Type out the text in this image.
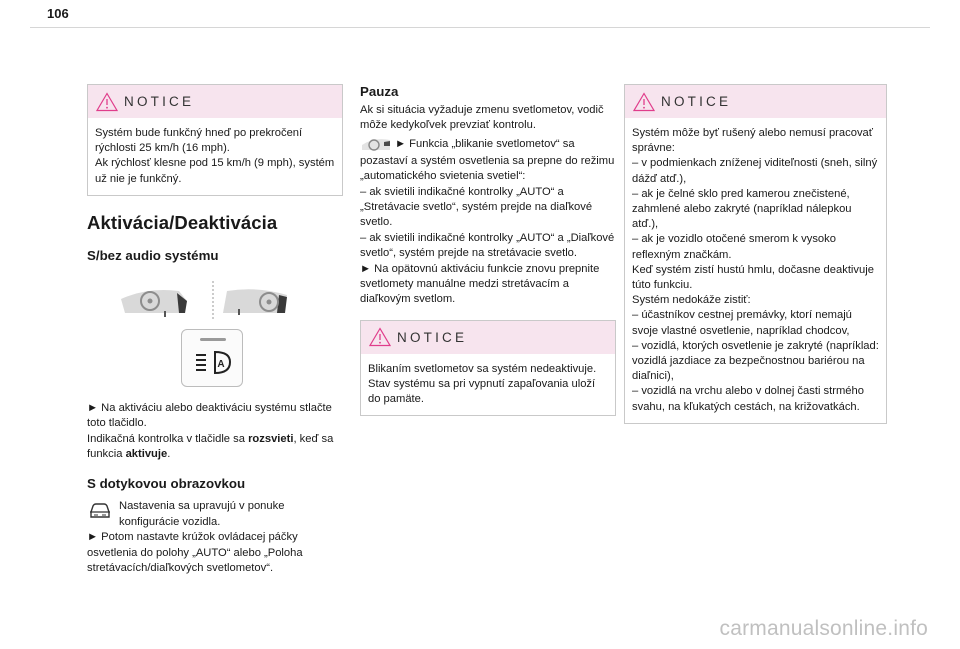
106
NOTICE

Systém bude funkčný hneď po prekročení rýchlosti 25 km/h (16 mph).

Ak rýchlosť klesne pod 15 km/h (9 mph), systém už nie je funkčný.

Aktivácia/Deaktivácia
S/bez audio systému
A

► Na aktiváciu alebo deaktiváciu systému stlačte toto tlačidlo.

Indikačná kontrolka v tlačidle sa rozsvieti, keď sa funkcia aktivuje.

S dotykovou obrazovkou
Nastavenia sa upravujú v ponuke konfigurácie vozidla.

► Potom nastavte krúžok ovládacej páčky osvetlenia do polohy „AUTO“ alebo „Poloha stretávacích/diaľkových svetlometov“.

Pauza

Ak si situácia vyžaduje zmenu svetlometov, vodič môže kedykoľvek prevziať kontrolu.

► Funkcia „blikanie svetlometov“ sa pozastaví a systém osvetlenia sa prepne do režimu „automatického svietenia svetiel“:

– ak svietili indikačné kontrolky „AUTO“ a „Stretávacie svetlo“, systém prejde na diaľkové svetlo.

– ak svietili indikačné kontrolky „AUTO“ a „Diaľkové svetlo“, systém prejde na stretávacie svetlo.

► Na opätovnú aktiváciu funkcie znovu prepnite svetlomety manuálne medzi stretávacím a diaľkovým svetlom.

NOTICE

Blikaním svetlometov sa systém nedeaktivuje.

Stav systému sa pri vypnutí zapaľovania uloží do pamäte.

NOTICE

Systém môže byť rušený alebo nemusí pracovať správne:

– v podmienkach zníženej viditeľnosti (sneh, silný dážď atď.),

– ak je čelné sklo pred kamerou znečistené, zahmlené alebo zakryté (napríklad nálepkou atď.),

– ak je vozidlo otočené smerom k vysoko reflexným značkám.

Keď systém zistí hustú hmlu, dočasne deaktivuje túto funkciu.

Systém nedokáže zistiť:

– účastníkov cestnej premávky, ktorí nemajú svoje vlastné osvetlenie, napríklad chodcov,

– vozidlá, ktorých osvetlenie je zakryté (napríklad: vozidlá jazdiace za bezpečnostnou bariérou na diaľnici),

– vozidlá na vrchu alebo v dolnej časti strmého svahu, na kľukatých cestách, na križovatkách.

carmanualsonline.info
